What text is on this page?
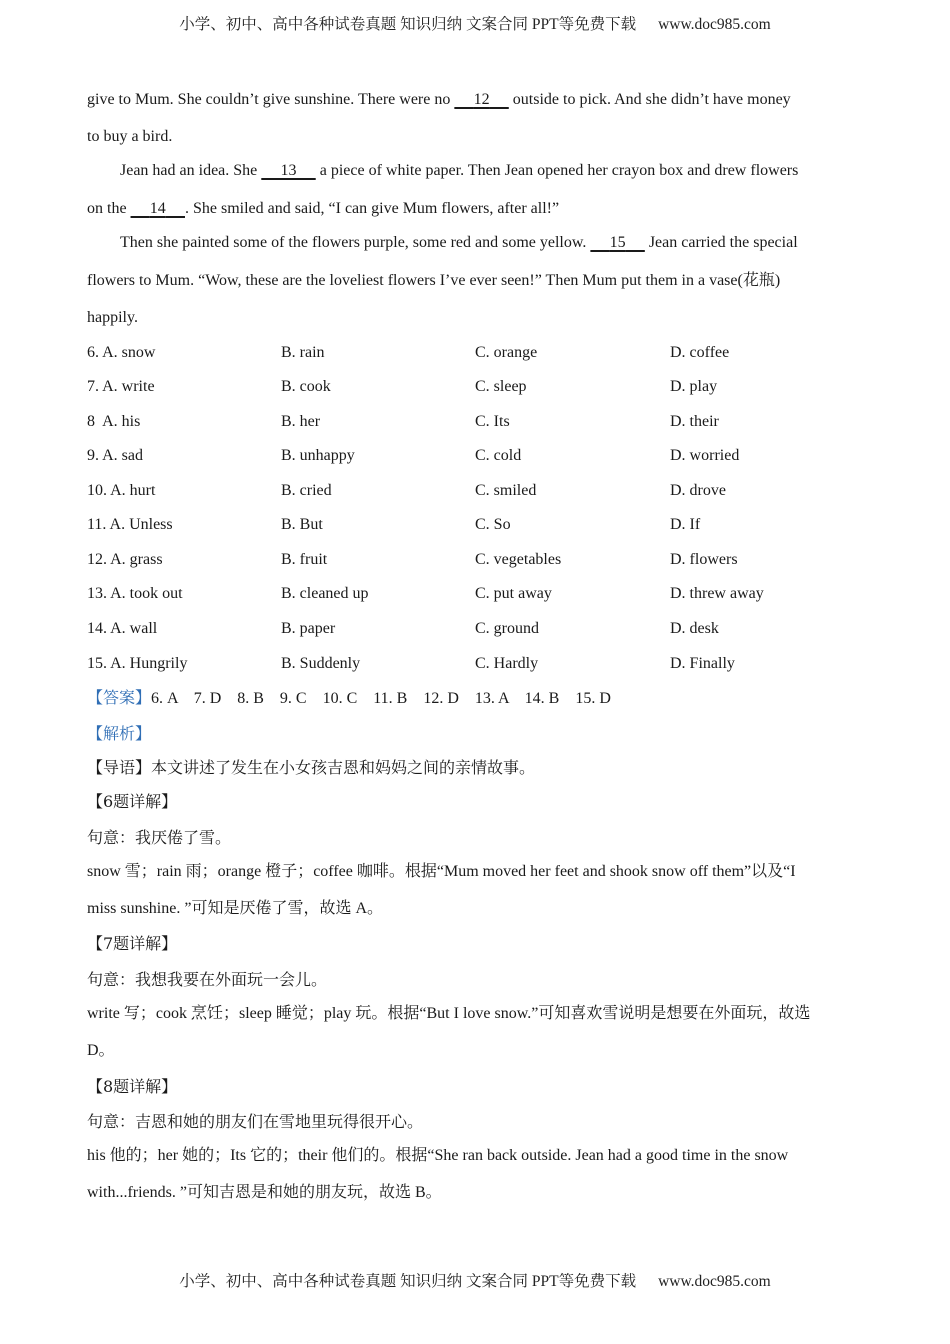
小学、初中、高中各种试卷真题 知识归纳 文案合同 PPT等免费下载 www.doc985.com
give to Mum. She couldn’t give sunshine. There were no       12       outside to pick. And she didn’t have money
to buy a bird.
Jean had an idea. She       13       a piece of white paper. Then Jean opened her crayon box and drew flowers
on the       14       . She smiled and said, “I can give Mum flowers, after all!”
Then she painted some of the flowers purple, some red and some yellow.       15       Jean carried the special
flowers to Mum. “Wow, these are the loveliest flowers I’ve ever seen!” Then Mum put them in a vase(花瓶)
happily.
6. A. snow	B. rain	C. orange	D. coffee
7. A. write	B. cook	C. sleep	D. play
8  A. his	B. her	C. Its	D. their
9. A. sad	B. unhappy	C. cold	D. worried
10. A. hurt	B. cried	C. smiled	D. drove
11. A. Unless	B. But	C. So	D. If
12. A. grass	B. fruit	C. vegetables	D. flowers
13. A. took out	B. cleaned up	C. put away	D. threw away
14. A. wall	B. paper	C. ground	D. desk
15. A. Hungrily	B. Suddenly	C. Hardly	D. Finally
【答案】6. A    7. D    8. B    9. C    10. C    11. B    12. D    13. A    14. B    15. D
【解析】
【导语】本文讲述了发生在小女孩吉恩和妈妈之间的亲情故事。
【6题详解】
句意：我厌倦了雪。
snow 雪；rain 雨；orange 橙子；coffee 咖啡。根据“Mum moved her feet and shook snow off them”以及“I
miss sunshine. ”可知是厌倦了雪，故选 A。
【7题详解】
句意：我想我要在外面玩一会儿。
write 写；cook 烹饪；sleep 睡觉；play 玩。根据“But I love snow.”可知喜欢雪说明是想要在外面玩，故选
D。
【8题详解】
句意：吉恩和她的朋友们在雪地里玩得很开心。
his 他的；her 她的；Its 它的；their 他们的。根据“She ran back outside. Jean had a good time in the snow
with...friends. ”可知吉恩是和她的朋友玩，故选 B。
小学、初中、高中各种试卷真题 知识归纳 文案合同 PPT等免费下载 www.doc985.com
